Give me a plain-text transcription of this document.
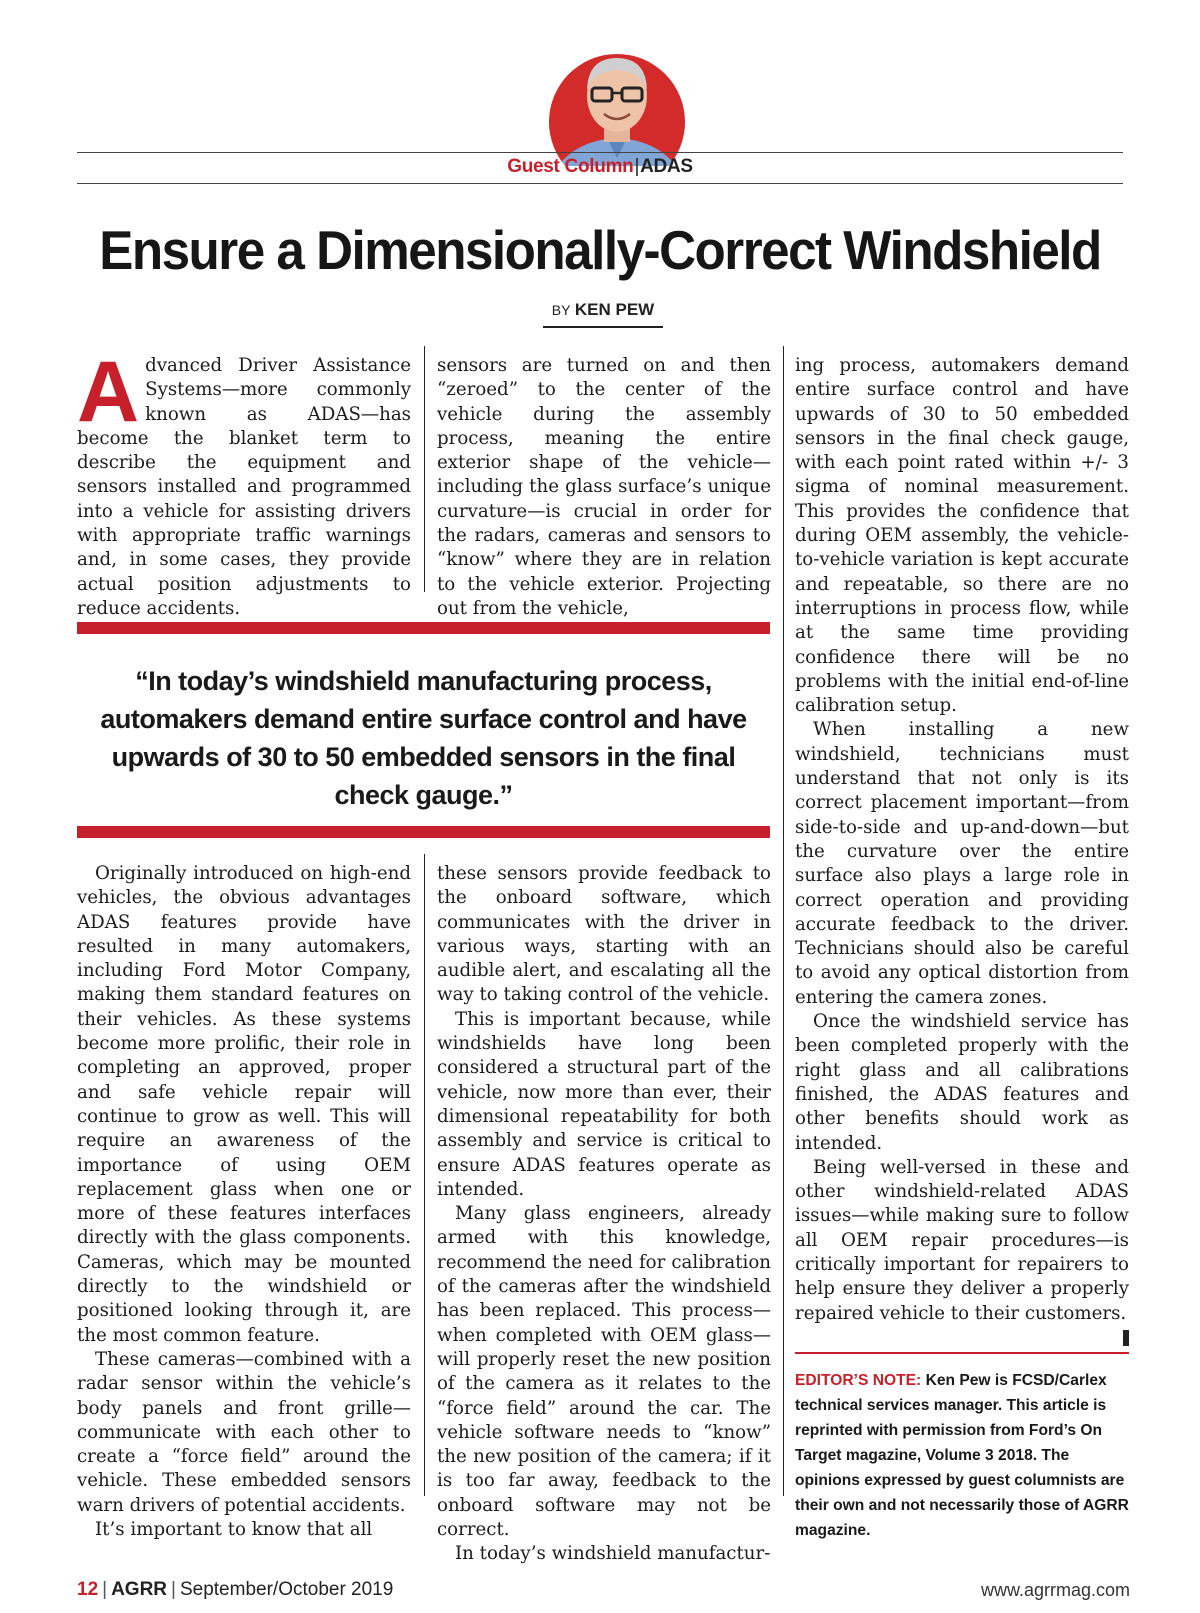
Guest Column|ADAS
Ensure a Dimensionally-Correct Windshield
BY KEN PEW

Advanced Driver Assistance Systems—more commonly known as ADAS—has become the blanket term to describe the equipment and sensors installed and programmed into a vehicle for assisting drivers with appropriate traffic warnings and, in some cases, they provide actual position adjustments to reduce accidents.

sensors are turned on and then “zeroed” to the center of the vehicle during the assembly process, meaning the entire exterior shape of the vehicle—including the glass surface’s unique curvature—is crucial in order for the radars, cameras and sensors to “know” where they are in relation to the vehicle exterior. Projecting out from the vehicle,

“In today’s windshield manufacturing process, automakers demand entire surface control and have upwards of 30 to 50 embedded sensors in the final check gauge.”

Originally introduced on high-end vehicles, the obvious advantages ADAS features provide have resulted in many automakers, including Ford Motor Company, making them standard features on their vehicles. As these systems become more prolific, their role in completing an approved, proper and safe vehicle repair will continue to grow as well. This will require an awareness of the importance of using OEM replacement glass when one or more of these features interfaces directly with the glass components. Cameras, which may be mounted directly to the windshield or positioned looking through it, are the most common feature.

These cameras—combined with a radar sensor within the vehicle’s body panels and front grille—communicate with each other to create a “force field” around the vehicle. These embedded sensors warn drivers of potential accidents.

It’s important to know that all

these sensors provide feedback to the onboard software, which communicates with the driver in various ways, starting with an audible alert, and escalating all the way to taking control of the vehicle.

This is important because, while windshields have long been considered a structural part of the vehicle, now more than ever, their dimensional repeatability for both assembly and service is critical to ensure ADAS features operate as intended.

Many glass engineers, already armed with this knowledge, recommend the need for calibration of the cameras after the windshield has been replaced. This process—when completed with OEM glass—will properly reset the new position of the camera as it relates to the “force field” around the car. The vehicle software needs to “know” the new position of the camera; if it is too far away, feedback to the onboard software may not be correct.

In today’s windshield manufactur-

ing process, automakers demand entire surface control and have upwards of 30 to 50 embedded sensors in the final check gauge, with each point rated within +/- 3 sigma of nominal measurement. This provides the confidence that during OEM assembly, the vehicle-to-vehicle variation is kept accurate and repeatable, so there are no interruptions in process flow, while at the same time providing confidence there will be no problems with the initial end-of-line calibration setup.

When installing a new windshield, technicians must understand that not only is its correct placement important—from side-to-side and up-and-down—but the curvature over the entire surface also plays a large role in correct operation and providing accurate feedback to the driver. Technicians should also be careful to avoid any optical distortion from entering the camera zones.

Once the windshield service has been completed properly with the right glass and all calibrations finished, the ADAS features and other benefits should work as intended.

Being well-versed in these and other windshield-related ADAS issues—while making sure to follow all OEM repair procedures—is critically important for repairers to help ensure they deliver a properly repaired vehicle to their customers.

EDITOR’S NOTE: Ken Pew is FCSD/Carlex technical services manager. This article is reprinted with permission from Ford’s On Target magazine, Volume 3 2018. The opinions expressed by guest columnists are their own and not necessarily those of AGRR magazine.
12 | AGRR | September/October 2019	www.agrrmag.com
